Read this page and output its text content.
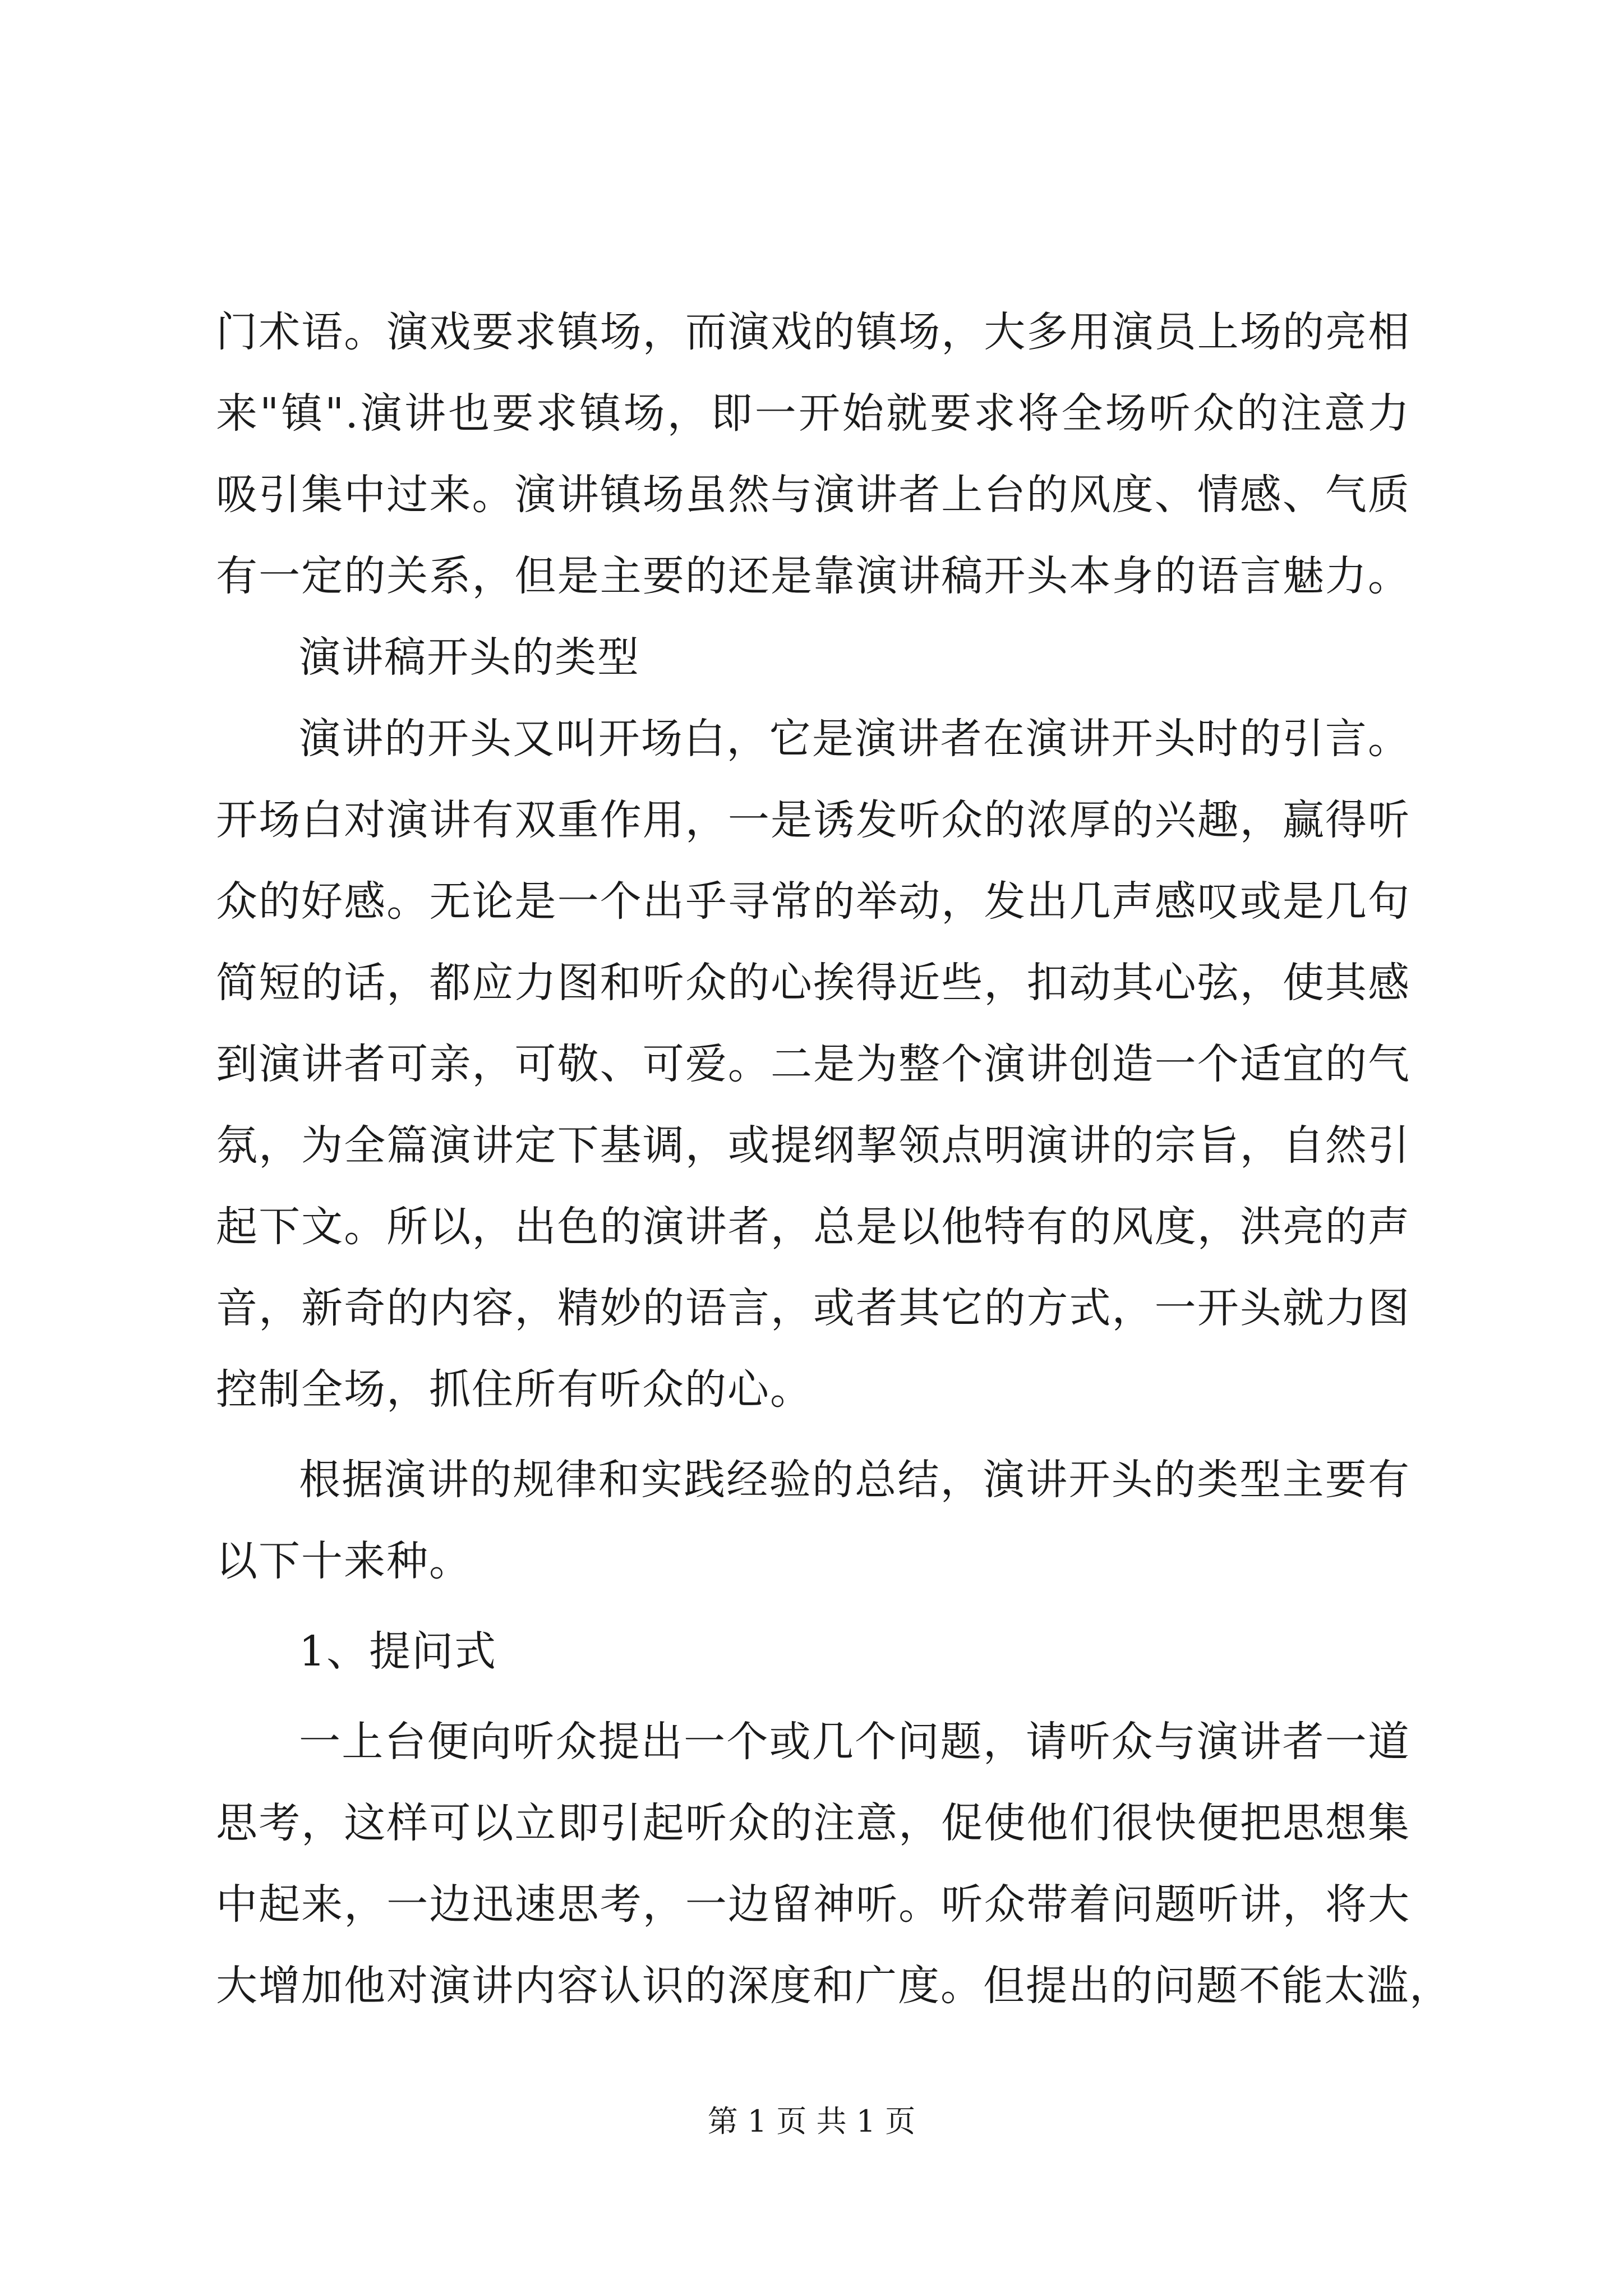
门术语。演戏要求镇场，而演戏的镇场，大多用演员上场的亮相
来"镇".演讲也要求镇场，即一开始就要求将全场听众的注意力
吸引集中过来。演讲镇场虽然与演讲者上台的风度、情感、气质
有一定的关系，但是主要的还是靠演讲稿开头本身的语言魅力。
演讲稿开头的类型
演讲的开头又叫开场白，它是演讲者在演讲开头时的引言。
开场白对演讲有双重作用，一是诱发听众的浓厚的兴趣，赢得听
众的好感。无论是一个出乎寻常的举动，发出几声感叹或是几句
简短的话，都应力图和听众的心挨得近些，扣动其心弦，使其感
到演讲者可亲，可敬、可爱。二是为整个演讲创造一个适宜的气
氛，为全篇演讲定下基调，或提纲挈领点明演讲的宗旨，自然引
起下文。所以，出色的演讲者，总是以他特有的风度，洪亮的声
音，新奇的内容，精妙的语言，或者其它的方式，一开头就力图
控制全场，抓住所有听众的心。
根据演讲的规律和实践经验的总结，演讲开头的类型主要有
以下十来种。
1、提问式
一上台便向听众提出一个或几个问题，请听众与演讲者一道
思考，这样可以立即引起听众的注意，促使他们很快便把思想集
中起来，一边迅速思考，一边留神听。听众带着问题听讲，将大
大增加他对演讲内容认识的深度和广度。但提出的问题不能太滥，
第 1 页 共 1 页
